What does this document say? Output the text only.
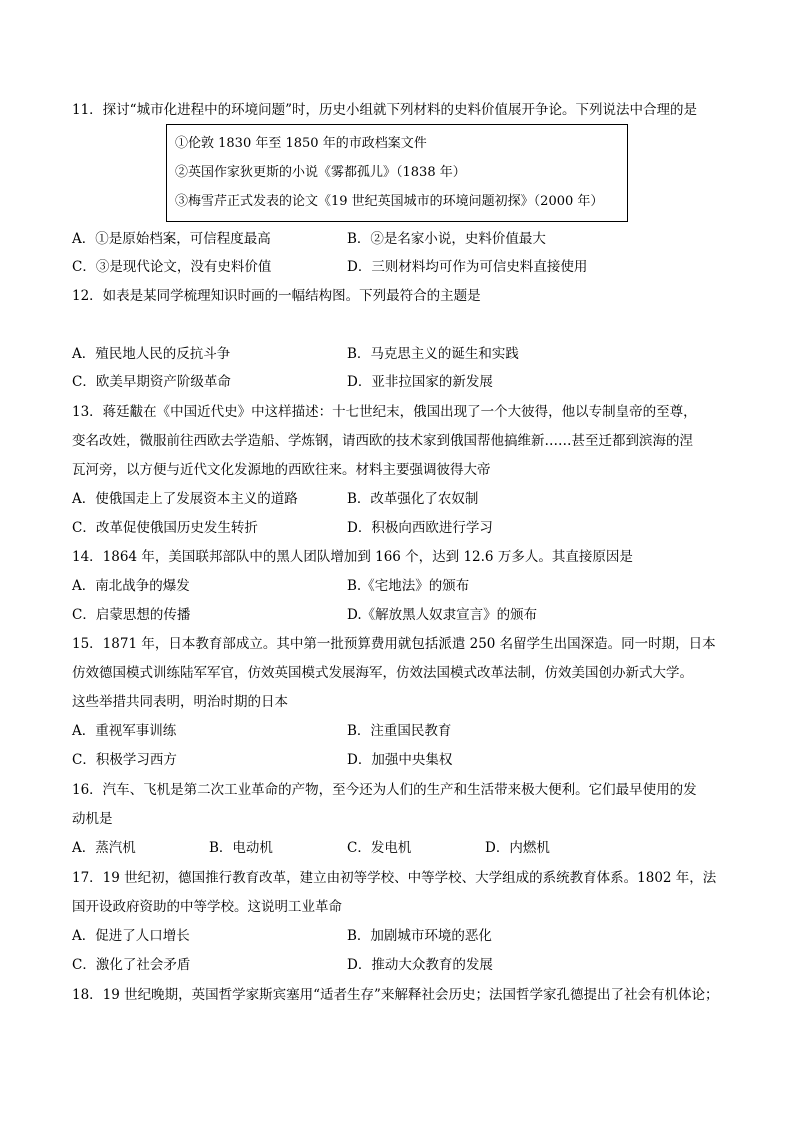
11．探讨“城市化进程中的环境问题”时，历史小组就下列材料的史料价值展开争论。下列说法中合理的是
①伦敦 1830 年至 1850 年的市政档案文件
②英国作家狄更斯的小说《雾都孤儿》（1838 年）
③梅雪芹正式发表的论文《19 世纪英国城市的环境问题初探》（2000 年）
A．①是原始档案，可信程度最高	B．②是名家小说，史料价值最大
C．③是现代论文，没有史料价值	D．三则材料均可作为可信史料直接使用
12．如表是某同学梳理知识时画的一幅结构图。下列最符合的主题是
A．殖民地人民的反抗斗争	B．马克思主义的诞生和实践
C．欧美早期资产阶级革命	D．亚非拉国家的新发展
13．蒋廷黻在《中国近代史》中这样描述：十七世纪末，俄国出现了一个大彼得，他以专制皇帝的至尊，
变名改姓，微服前往西欧去学造船、学炼钢，请西欧的技术家到俄国帮他搞维新……甚至迁都到滨海的涅
瓦河旁，以方便与近代文化发源地的西欧往来。材料主要强调彼得大帝
A．使俄国走上了发展资本主义的道路	B．改革强化了农奴制
C．改革促使俄国历史发生转折	D．积极向西欧进行学习
14．1864 年，美国联邦部队中的黑人团队增加到 166 个，达到 12.6 万多人。其直接原因是
A．南北战争的爆发	B.《宅地法》的颁布
C．启蒙思想的传播	D.《解放黑人奴隶宣言》的颁布
15．1871 年，日本教育部成立。其中第一批预算费用就包括派遣 250 名留学生出国深造。同一时期，日本
仿效德国模式训练陆军军官，仿效英国模式发展海军，仿效法国模式改革法制，仿效美国创办新式大学。
这些举措共同表明，明治时期的日本
A．重视军事训练	B．注重国民教育
C．积极学习西方	D．加强中央集权
16．汽车、飞机是第二次工业革命的产物，至今还为人们的生产和生活带来极大便利。它们最早使用的发
动机是
A．蒸汽机	B．电动机	C．发电机	D．内燃机
17．19 世纪初，德国推行教育改革，建立由初等学校、中等学校、大学组成的系统教育体系。1802 年，法
国开设政府资助的中等学校。这说明工业革命
A．促进了人口增长	B．加剧城市环境的恶化
C．激化了社会矛盾	D．推动大众教育的发展
18．19 世纪晚期，英国哲学家斯宾塞用“适者生存”来解释社会历史；法国哲学家孔德提出了社会有机体论；
